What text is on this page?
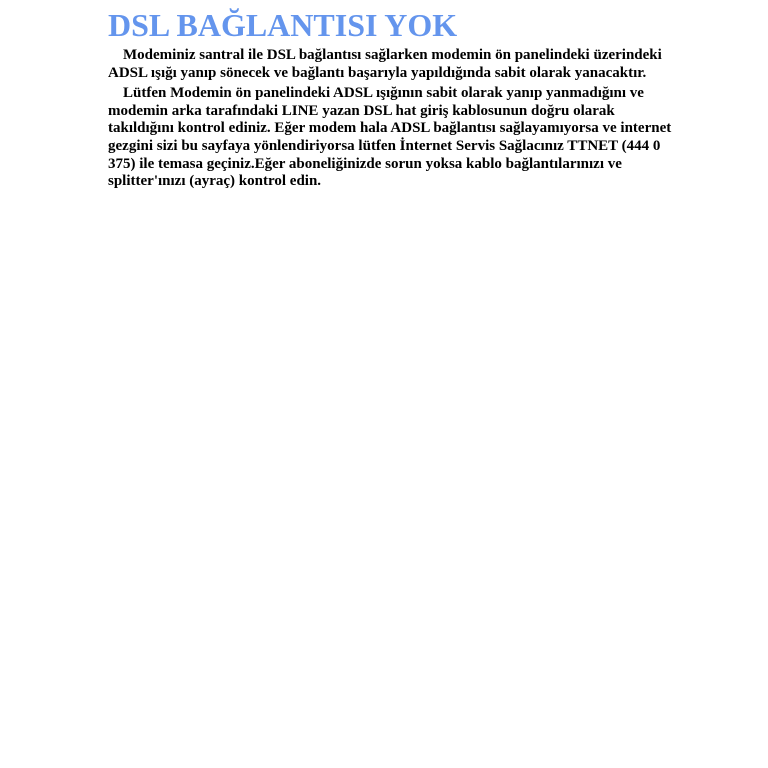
DSL BAĞLANTISI YOK

Modeminiz santral ile DSL bağlantısı sağlarken modemin ön panelindeki üzerindeki ADSL ışığı yanıp sönecek ve bağlantı başarıyla yapıldığında sabit olarak yanacaktır.

Lütfen Modemin ön panelindeki ADSL ışığının sabit olarak yanıp yanmadığını ve modemin arka tarafındaki LINE yazan DSL hat giriş kablosunun doğru olarak takıldığını kontrol ediniz. Eğer modem hala ADSL bağlantısı sağlayamıyorsa ve internet gezgini sizi bu sayfaya yönlendiriyorsa lütfen İnternet Servis Sağlacınız TTNET (444 0 375) ile temasa geçiniz.Eğer aboneliğinizde sorun yoksa kablo bağlantılarınızı ve splitter'ınızı (ayraç) kontrol edin.
